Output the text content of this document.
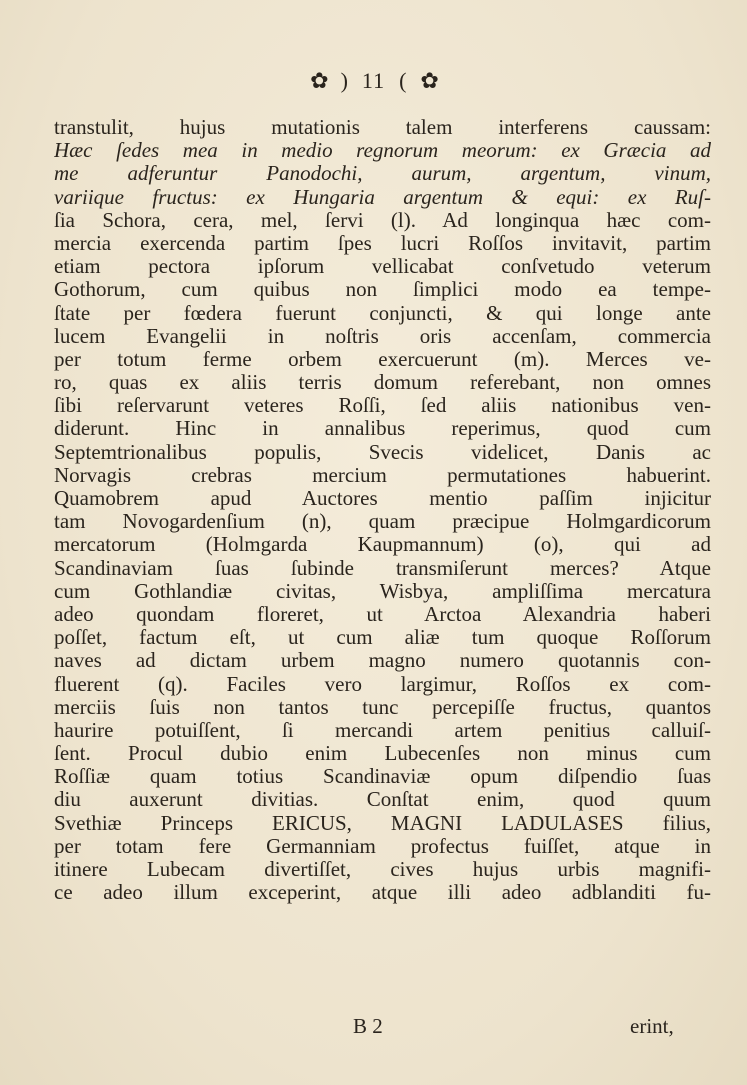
✿ ) 11 ( ✿
transtulit, hujus mutationis talem interferens caussam:
Hæc ſedes mea in medio regnorum meorum: ex Græcia ad
me adferuntur Panodochi, aurum, argentum, vinum,
variique fructus: ex Hungaria argentum & equi: ex Ruſ-
ſia Schora, cera, mel, ſervi (l). Ad longinqua hæc com-
mercia exercenda partim ſpes lucri Roſſos invitavit, partim
etiam pectora ipſorum vellicabat conſvetudo veterum
Gothorum, cum quibus non ſimplici modo ea tempe-
ſtate per fœdera fuerunt conjuncti, & qui longe ante
lucem Evangelii in noſtris oris accenſam, commercia
per totum ferme orbem exercuerunt (m). Merces ve-
ro, quas ex aliis terris domum referebant, non omnes
ſibi reſervarunt veteres Roſſi, ſed aliis nationibus ven-
diderunt. Hinc in annalibus reperimus, quod cum
Septemtrionalibus populis, Svecis videlicet, Danis ac
Norvagis crebras mercium permutationes habuerint.
Quamobrem apud Auctores mentio paſſim injicitur
tam Novogardenſium (n), quam præcipue Holmgardicorum
mercatorum (Holmgarda Kaupmannum) (o), qui ad
Scandinaviam ſuas ſubinde transmiſerunt merces? Atque
cum Gothlandiæ civitas, Wisbya, ampliſſima mercatura
adeo quondam floreret, ut Arctoa Alexandria haberi
poſſet, factum eſt, ut cum aliæ tum quoque Roſſorum
naves ad dictam urbem magno numero quotannis con-
fluerent (q). Faciles vero largimur, Roſſos ex com-
merciis ſuis non tantos tunc percepiſſe fructus, quantos
haurire potuiſſent, ſi mercandi artem penitius calluiſ-
ſent. Procul dubio enim Lubecenſes non minus cum
Roſſiæ quam totius Scandinaviæ opum diſpendio ſuas
diu auxerunt divitias. Conſtat enim, quod quum
Svethiæ Princeps ERICUS, MAGNI LADULASES filius,
per totam fere Germanniam profectus fuiſſet, atque in
itinere Lubecam divertiſſet, cives hujus urbis magnifi-
ce adeo illum exceperint, atque illi adeo adblanditi fu-
B 2	erint,
